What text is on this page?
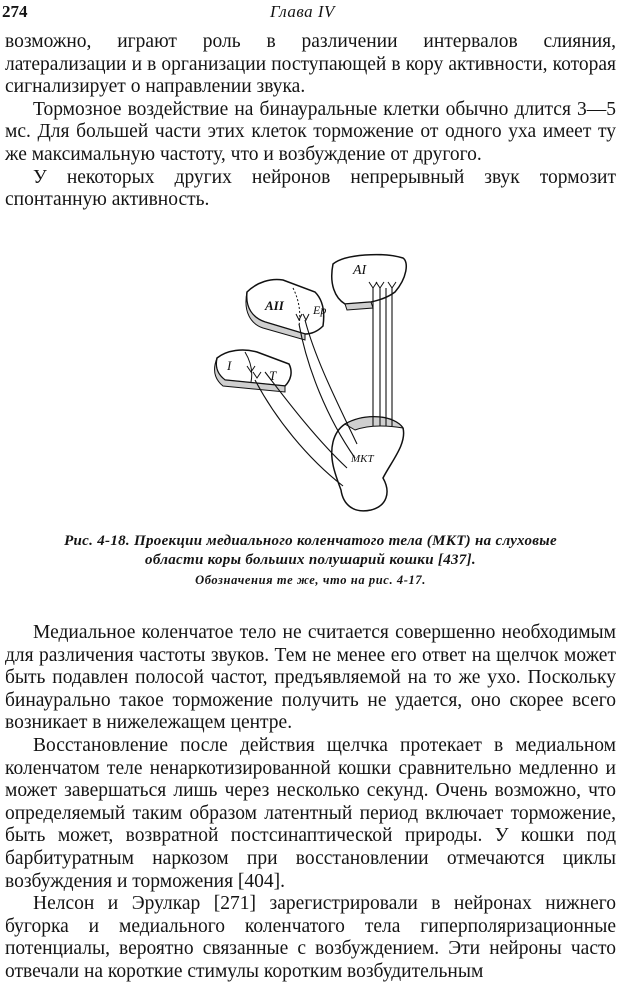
274	Глава IV

возможно, играют роль в различении интервалов слияния, латерализации и в организации поступающей в кору активности, которая сигнализирует о направлении звука.

Тормозное воздействие на бинауральные клетки обычно длится 3—5 мс. Для большей части этих клеток торможение от одного уха имеет ту же максимальную частоту, что и возбуждение от другого.

У некоторых других нейронов непрерывный звук тормозит спонтанную активность.

AI
AII Ep
I
T
MKT
Рис. 4-18. Проекции медиального коленчатого тела (МКТ) на слуховые
области коры больших полушарий кошки [437].
Обозначения те же, что на рис. 4-17.

Медиальное коленчатое тело не считается совершенно необходимым для различения частоты звуков. Тем не менее его ответ на щелчок может быть подавлен полосой частот, предъявляемой на то же ухо. Поскольку бинаурально такое торможение получить не удается, оно скорее всего возникает в нижележащем центре.

Восстановление после действия щелчка протекает в медиальном коленчатом теле ненаркотизированной кошки сравнительно медленно и может завершаться лишь через несколько секунд. Очень возможно, что определяемый таким образом латентный период включает торможение, быть может, возвратной постсинаптической природы. У кошки под барбитуратным наркозом при восстановлении отмечаются циклы возбуждения и торможения [404].

Нелсон и Эрулкар [271] зарегистрировали в нейронах нижнего бугорка и медиального коленчатого тела гиперполяризационные потенциалы, вероятно связанные с возбуждением. Эти нейроны часто отвечали на короткие стимулы коротким возбудительным
